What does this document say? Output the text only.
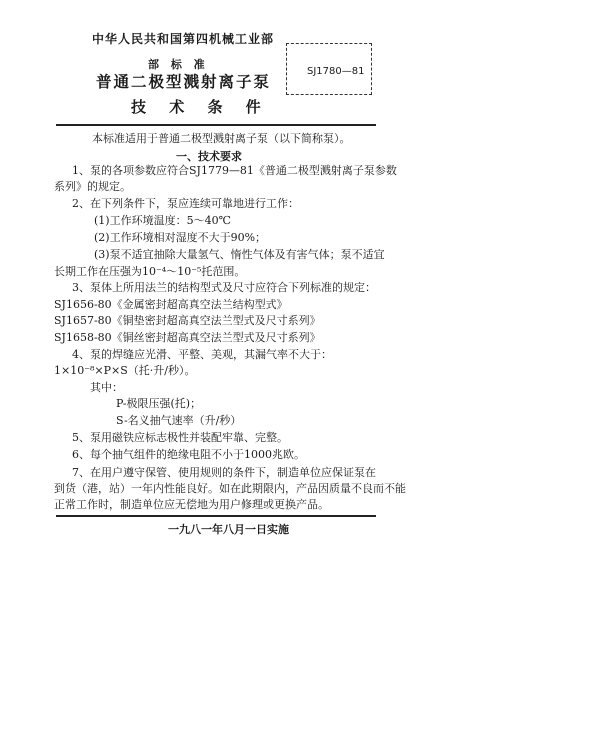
中华人民共和国第四机械工业部
部 标 准
普通二极型溅射离子泵
技 术 条 件
SJ1780—81
本标准适用于普通二极型溅射离子泵（以下简称泵）。
一、技术要求
1、泵的各项参数应符合SJ1779—81《普通二极型溅射离子泵参数
系列》的规定。
2、在下列条件下，泵应连续可靠地进行工作：
(1)工作环境温度：5～40℃
(2)工作环境相对湿度不大于90%；
(3)泵不适宜抽除大量氢气、惰性气体及有害气体；泵不适宜
长期工作在压强为10⁻⁴～10⁻⁵托范围。
3、泵体上所用法兰的结构型式及尺寸应符合下列标准的规定：
SJ1656-80《金属密封超高真空法兰结构型式》
SJ1657-80《铜垫密封超高真空法兰型式及尺寸系列》
SJ1658-80《铜丝密封超高真空法兰型式及尺寸系列》
4、泵的焊缝应光滑、平整、美观，其漏气率不大于：
1×10⁻⁸×P×S（托·升/秒）。
其中：
P-极限压强(托)；
S-名义抽气速率（升/秒）
5、泵用磁铁应标志极性并装配牢靠、完整。
6、每个抽气组件的绝缘电阻不小于1000兆欧。
7、在用户遵守保管、使用规则的条件下，制造单位应保证泵在
到货（港，站）一年内性能良好。如在此期限内，产品因质量不良而不能
正常工作时，制造单位应无偿地为用户修理或更换产品。
一九八一年八月一日实施
